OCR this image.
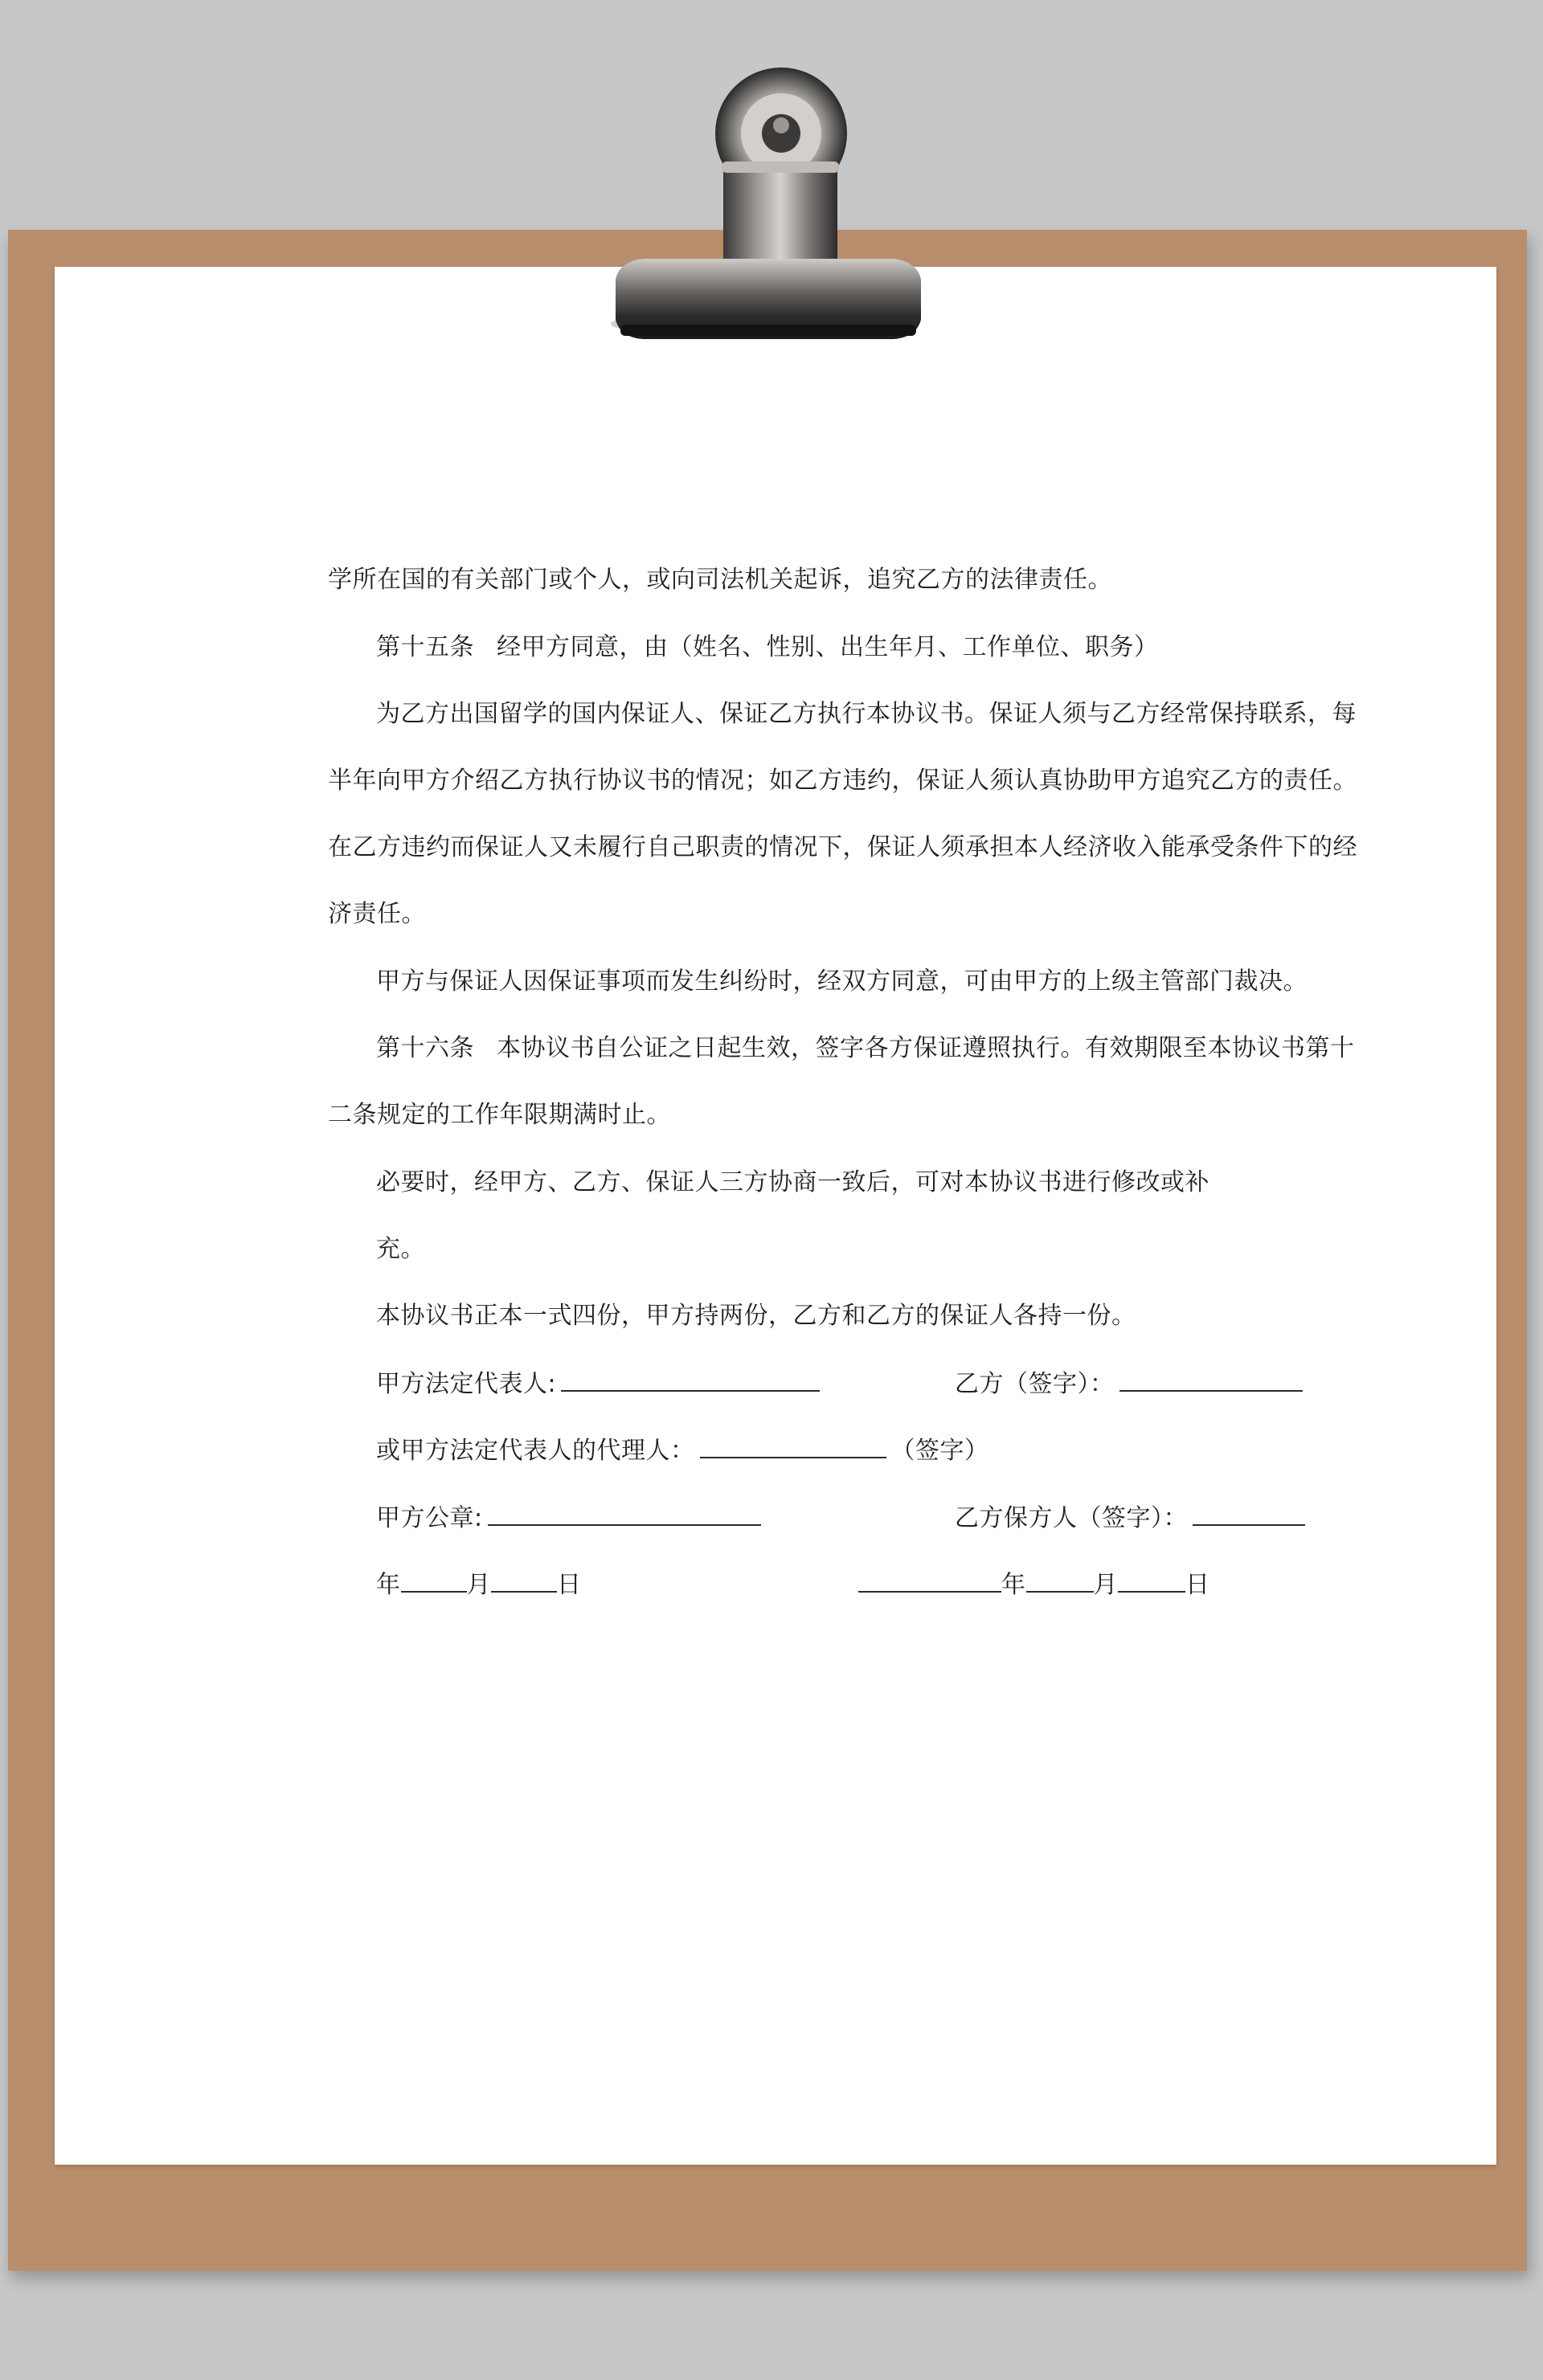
学所在国的有关部门或个人，或向司法机关起诉，追究乙方的法律责任。
第十五条 经甲方同意，由（姓名、性别、出生年月、工作单位、职务）
为乙方出国留学的国内保证人、保证乙方执行本协议书。保证人须与乙方经常保持联系，每
半年向甲方介绍乙方执行协议书的情况；如乙方违约，保证人须认真协助甲方追究乙方的责任。
在乙方违约而保证人又未履行自己职责的情况下，保证人须承担本人经济收入能承受条件下的经
济责任。
甲方与保证人因保证事项而发生纠纷时，经双方同意，可由甲方的上级主管部门裁决。
第十六条 本协议书自公证之日起生效，签字各方保证遵照执行。有效期限至本协议书第十
二条规定的工作年限期满时止。
必要时，经甲方、乙方、保证人三方协商一致后，可对本协议书进行修改或补
充。
本协议书正本一式四份，甲方持两份，乙方和乙方的保证人各持一份。
甲方法定代表人:	乙方（签字）：
或甲方法定代表人的代理人：	（签字）
甲方公章:	乙方保方人（签字）：
年	月	日	年	月	日
